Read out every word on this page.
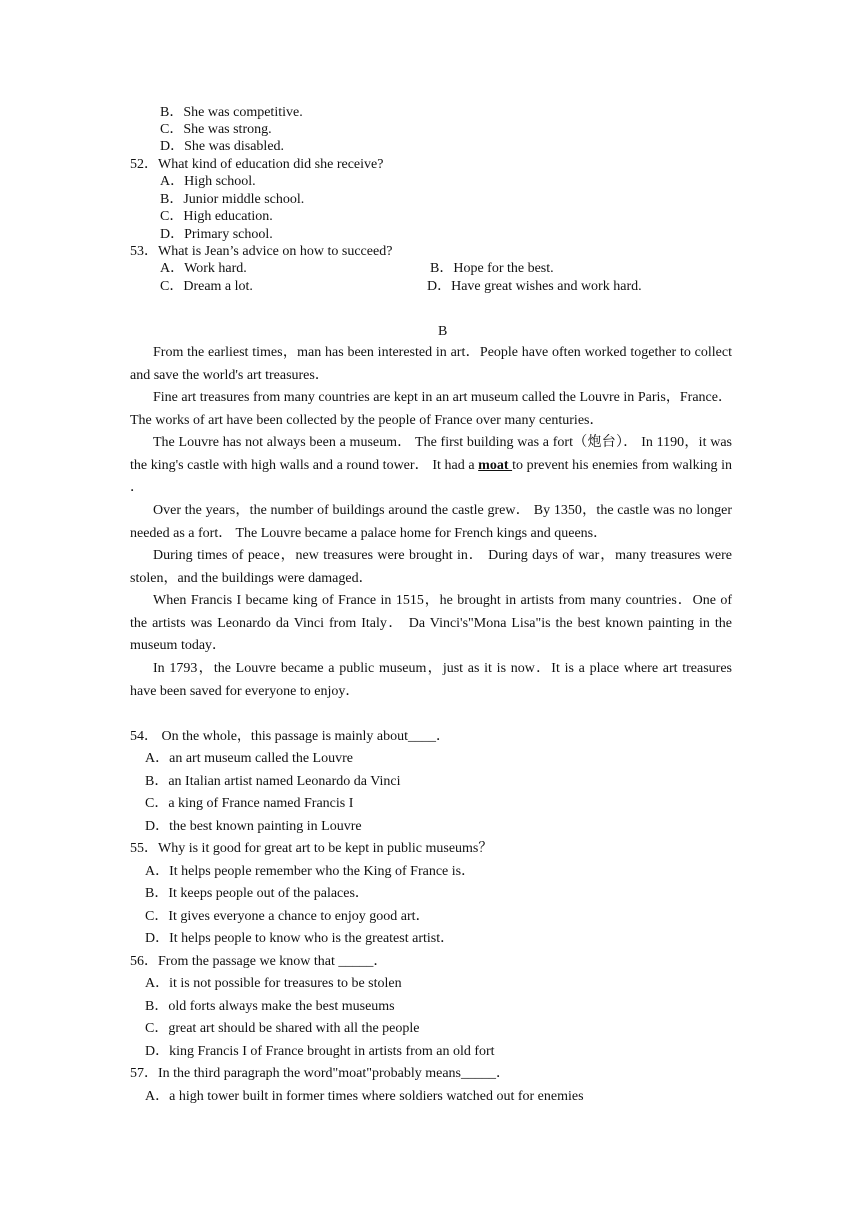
B．She was competitive.
C．She was strong.
D．She was disabled.
52．What kind of education did she receive?
A．High school.
B．Junior middle school.
C．High education.
D．Primary school.
53．What is Jean’s advice on how to succeed?
A．Work hard.	B．Hope for the best.
C．Dream a lot.	D．Have great wishes and work hard.
B
From the earliest times，man has been interested in art．People have often worked together to collect and save the world's art treasures．
Fine art treasures from many countries are kept in an art museum called the Louvre in Paris，France． The works of art have been collected by the people of France over many centuries．
The Louvre has not always been a museum． The first building was a fort（炮台）． In 1190，it was the king's castle with high walls and a round tower． It had a moat to prevent his enemies from walking in ．
Over the years，the number of buildings around the castle grew． By 1350，the castle was no longer needed as a fort． The Louvre became a palace home for French kings and queens．
During times of peace，new treasures were brought in． During days of war，many treasures were stolen，and the buildings were damaged．
When Francis I became king of France in 1515，he brought in artists from many countries．One of the artists was Leonardo da Vinci from Italy． Da Vinci's"Mona Lisa"is the best known painting in the museum today．
In 1793，the Louvre became a public museum，just as it is now．It is a place where art treasures have been saved for everyone to enjoy．
54． On the whole，this passage is mainly about____．
A．an art museum called the Louvre
B．an Italian artist named Leonardo da Vinci
C．a king of France named Francis I
D．the best known painting in Louvre
55．Why is it good for great art to be kept in public museums？
A．It helps people remember who the King of France is．
B．It keeps people out of the palaces．
C．It gives everyone a chance to enjoy good art．
D．It helps people to know who is the greatest artist．
56．From the passage we know that _____．
A．it is not possible for treasures to be stolen
B．old forts always make the best museums
C．great art should be shared with all the people
D．king Francis I of France brought in artists from an old fort
57．In the third paragraph the word"moat"probably means_____．
A．a high tower built in former times where soldiers watched out for enemies
